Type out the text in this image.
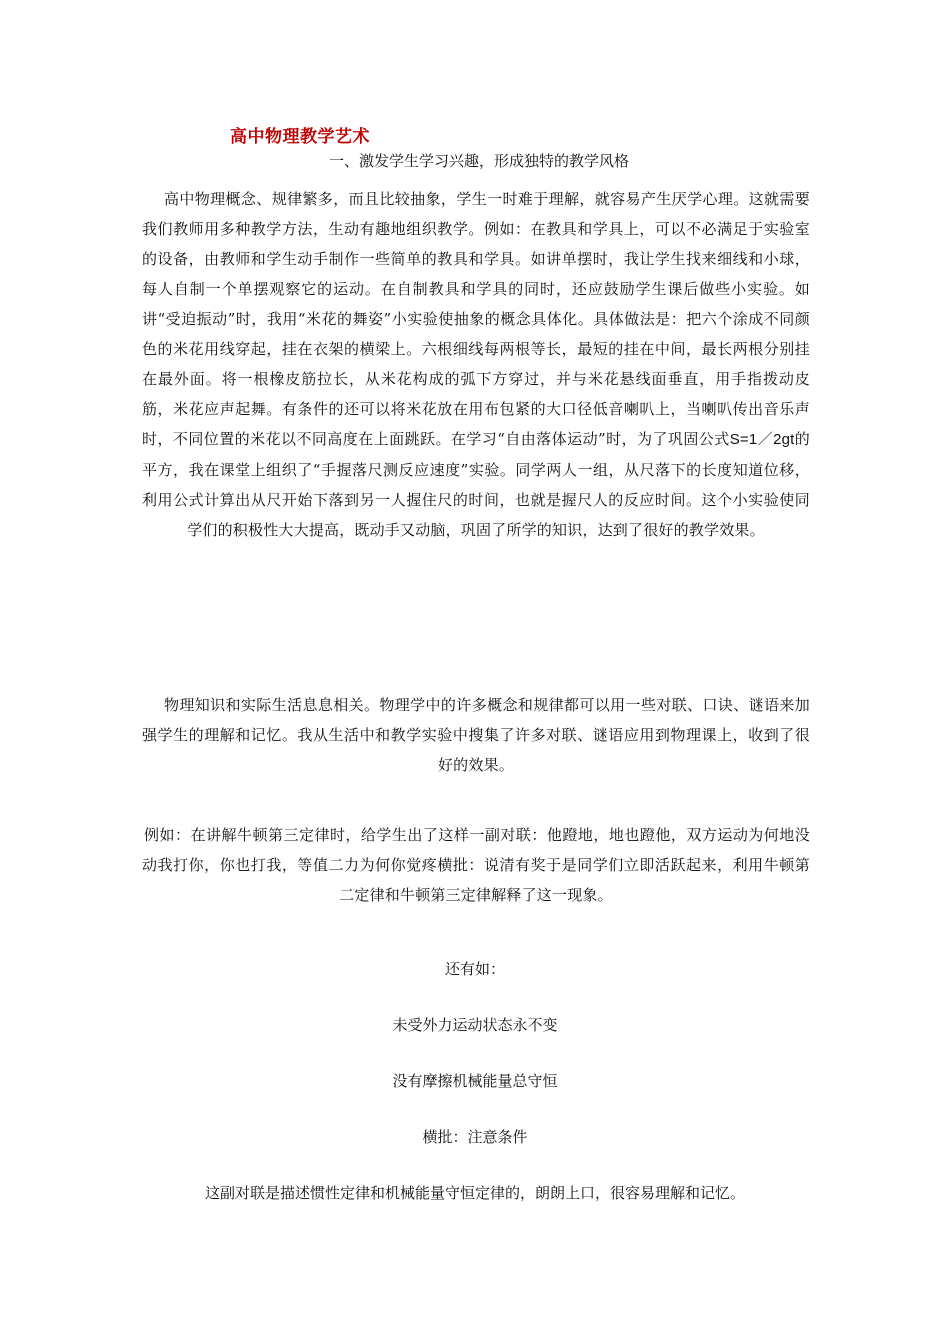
高中物理教学艺术
一、激发学生学习兴趣，形成独特的教学风格
高中物理概念、规律繁多，而且比较抽象，学生一时难于理解，就容易产生厌学心理。这就需要我们教师用多种教学方法，生动有趣地组织教学。例如：在教具和学具上，可以不必满足于实验室的设备，由教师和学生动手制作一些简单的教具和学具。如讲单摆时，我让学生找来细线和小球，每人自制一个单摆观察它的运动。在自制教具和学具的同时，还应鼓励学生课后做些小实验。如讲“受迫振动”时，我用“米花的舞姿”小实验使抽象的概念具体化。具体做法是：把六个涂成不同颜色的米花用线穿起，挂在衣架的横梁上。六根细线每两根等长，最短的挂在中间，最长两根分别挂在最外面。将一根橡皮筋拉长，从米花构成的弧下方穿过，并与米花悬线面垂直，用手指拨动皮筋，米花应声起舞。有条件的还可以将米花放在用布包紧的大口径低音喇叭上，当喇叭传出音乐声时，不同位置的米花以不同高度在上面跳跃。在学习“自由落体运动”时，为了巩固公式S=1／2gt的平方，我在课堂上组织了“手握落尺测反应速度”实验。同学两人一组，从尺落下的长度知道位移，利用公式计算出从尺开始下落到另一人握住尺的时间，也就是握尺人的反应时间。这个小实验使同学们的积极性大大提高，既动手又动脑，巩固了所学的知识，达到了很好的教学效果。
物理知识和实际生活息息相关。物理学中的许多概念和规律都可以用一些对联、口诀、谜语来加强学生的理解和记忆。我从生活中和教学实验中搜集了许多对联、谜语应用到物理课上，收到了很好的效果。
例如：在讲解牛顿第三定律时，给学生出了这样一副对联：他蹬地，地也蹬他，双方运动为何地没动我打你，你也打我，等值二力为何你觉疼横批：说清有奖于是同学们立即活跃起来，利用牛顿第二定律和牛顿第三定律解释了这一现象。
还有如：
未受外力运动状态永不变
没有摩擦机械能量总守恒
横批：注意条件
这副对联是描述惯性定律和机械能量守恒定律的，朗朗上口，很容易理解和记忆。
